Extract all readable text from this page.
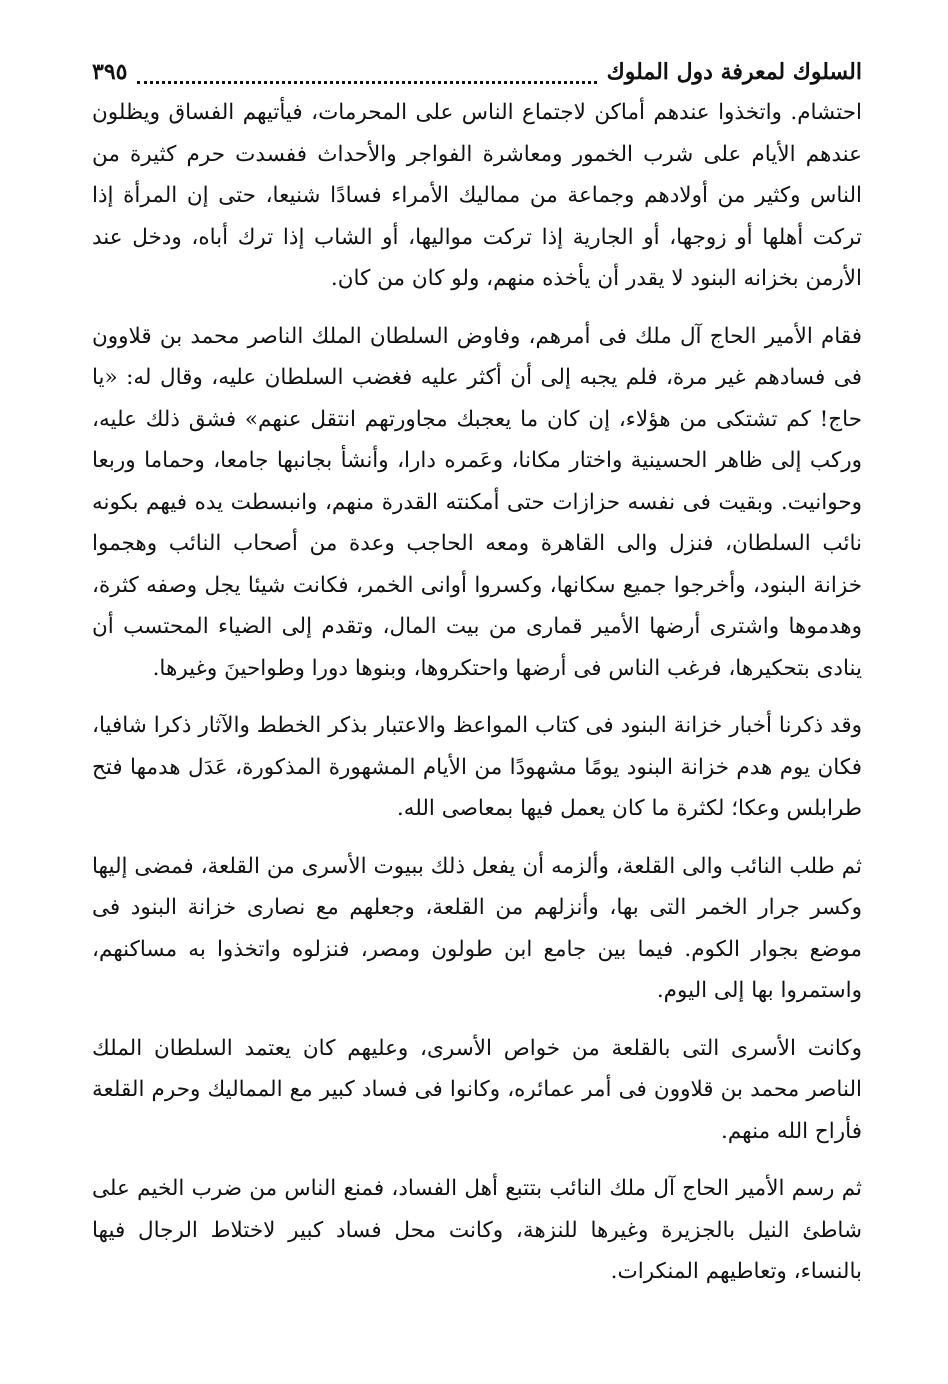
السلوك لمعرفة دول الملوك
٣٩٥

احتشام. واتخذوا عندهم أماكن لاجتماع الناس على المحرمات، فيأتيهم الفساق ويظلون عندهم الأيام على شرب الخمور ومعاشرة الفواجر والأحداث ففسدت حرم كثيرة من الناس وكثير من أولادهم وجماعة من مماليك الأمراء فسادًا شنيعا، حتى إن المرأة إذا تركت أهلها أو زوجها، أو الجارية إذا تركت مواليها، أو الشاب إذا ترك أباه، ودخل عند الأرمن بخزانه البنود لا يقدر أن يأخذه منهم، ولو كان من كان.

فقام الأمير الحاج آل ملك فى أمرهم، وفاوض السلطان الملك الناصر محمد بن قلاوون فى فسادهم غير مرة، فلم يجبه إلى أن أكثر عليه فغضب السلطان عليه، وقال له: «يا حاج! كم تشتكى من هؤلاء، إن كان ما يعجبك مجاورتهم انتقل عنهم» فشق ذلك عليه، وركب إلى ظاهر الحسينية واختار مكانا، وعَمره دارا، وأنشأ بجانبها جامعا، وحماما وربعا وحوانيت. وبقيت فى نفسه حزازات حتى أمكنته القدرة منهم، وانبسطت يده فيهم بكونه نائب السلطان، فنزل والى القاهرة ومعه الحاجب وعدة من أصحاب النائب وهجموا خزانة البنود، وأخرجوا جميع سكانها، وكسروا أوانى الخمر، فكانت شيئا يجل وصفه كثرة، وهدموها واشترى أرضها الأمير قمارى من بيت المال، وتقدم إلى الضياء المحتسب أن ينادى بتحكيرها، فرغب الناس فى أرضها واحتكروها، وبنوها دورا وطواحينَ وغيرها.

وقد ذكرنا أخبار خزانة البنود فى كتاب المواعظ والاعتبار بذكر الخطط والآثار ذكرا شافيا، فكان يوم هدم خزانة البنود يومًا مشهودًا من الأيام المشهورة المذكورة، عَدَل هدمها فتح طرابلس وعكا؛ لكثرة ما كان يعمل فيها بمعاصى الله.

ثم طلب النائب والى القلعة، وألزمه أن يفعل ذلك ببيوت الأسرى من القلعة، فمضى إليها وكسر جرار الخمر التى بها، وأنزلهم من القلعة، وجعلهم مع نصارى خزانة البنود فى موضع بجوار الكوم. فيما بين جامع ابن طولون ومصر، فنزلوه واتخذوا به مساكنهم، واستمروا بها إلى اليوم.

وكانت الأسرى التى بالقلعة من خواص الأسرى، وعليهم كان يعتمد السلطان الملك الناصر محمد بن قلاوون فى أمر عمائره، وكانوا فى فساد كبير مع المماليك وحرم القلعة فأراح الله منهم.

ثم رسم الأمير الحاج آل ملك النائب بتتبع أهل الفساد، فمنع الناس من ضرب الخيم على شاطئ النيل بالجزيرة وغيرها للنزهة، وكانت محل فساد كبير لاختلاط الرجال فيها بالنساء، وتعاطيهم المنكرات.
